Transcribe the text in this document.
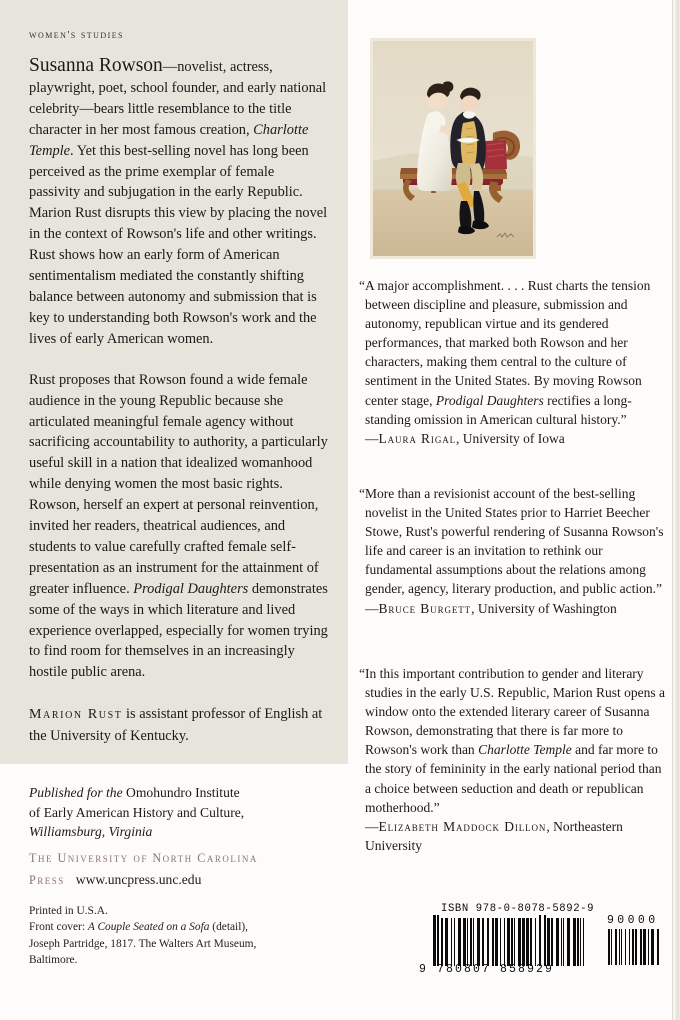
women's studies

Susanna Rowson—novelist, actress, playwright, poet, school founder, and early national celebrity—bears little resemblance to the title character in her most famous creation, Charlotte Temple. Yet this best-selling novel has long been perceived as the prime exemplar of female passivity and subjugation in the early Republic. Marion Rust disrupts this view by placing the novel in the context of Rowson's life and other writings. Rust shows how an early form of American sentimentalism mediated the constantly shifting balance between autonomy and submission that is key to understanding both Rowson's work and the lives of early American women.

Rust proposes that Rowson found a wide female audience in the young Republic because she articulated meaningful female agency without sacrificing accountability to authority, a particularly useful skill in a nation that idealized womanhood while denying women the most basic rights. Rowson, herself an expert at personal reinvention, invited her readers, theatrical audiences, and students to value carefully crafted female self-presentation as an instrument for the attainment of greater influence. Prodigal Daughters demonstrates some of the ways in which literature and lived experience overlapped, especially for women trying to find room for themselves in an increasingly hostile public arena.

Marion Rust is assistant professor of English at the University of Kentucky.

Published for the Omohundro Institute
of Early American History and Culture,
Williamsburg, Virginia
The University of North Carolina
Press www.uncpress.unc.edu
Printed in U.S.A.
Front cover: A Couple Seated on a Sofa (detail),
Joseph Partridge, 1817. The Walters Art Museum,
Baltimore.
“A major accomplishment. . . . Rust charts the tension between discipline and pleasure, submission and autonomy, republican virtue and its gendered performances, that marked both Rowson and her characters, making them central to the culture of sentiment in the United States. By moving Rowson center stage, Prodigal Daughters rectifies a long-standing omission in American cultural history.”
—Laura Rigal, University of Iowa
“More than a revisionist account of the best-selling novelist in the United States prior to Harriet Beecher Stowe, Rust's powerful rendering of Susanna Rowson's life and career is an invitation to rethink our fundamental assumptions about the relations among gender, agency, literary production, and public action.”
—Bruce Burgett, University of Washington
“In this important contribution to gender and literary studies in the early U.S. Republic, Marion Rust opens a window onto the extended literary career of Susanna Rowson, demonstrating that there is far more to Rowson's work than Charlotte Temple and far more to the story of femininity in the early national period than a choice between seduction and death or republican motherhood.”
—Elizabeth Maddock Dillon, Northeastern University
ISBN 978-0-8078-5892-9
9 780807 858929
90000
